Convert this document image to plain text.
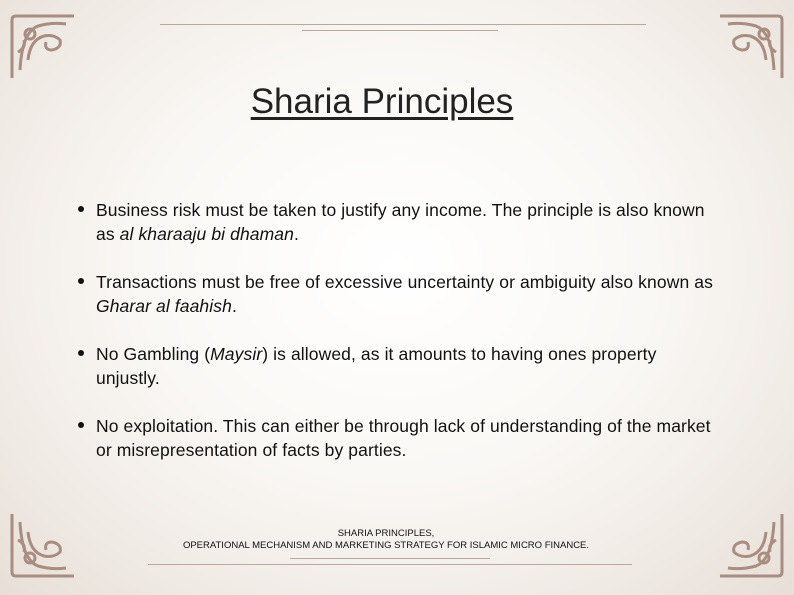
Sharia Principles
Business risk must be taken to justify any income. The principle is also known as al kharaaju bi dhaman.
Transactions must be free of excessive uncertainty or ambiguity also known as Gharar al faahish.
No Gambling (Maysir) is allowed, as it amounts to having ones property unjustly.
No exploitation. This can either be through lack of understanding of the market or misrepresentation of facts by parties.
SHARIA PRINCIPLES,
OPERATIONAL MECHANISM AND MARKETING STRATEGY FOR ISLAMIC MICRO FINANCE.
